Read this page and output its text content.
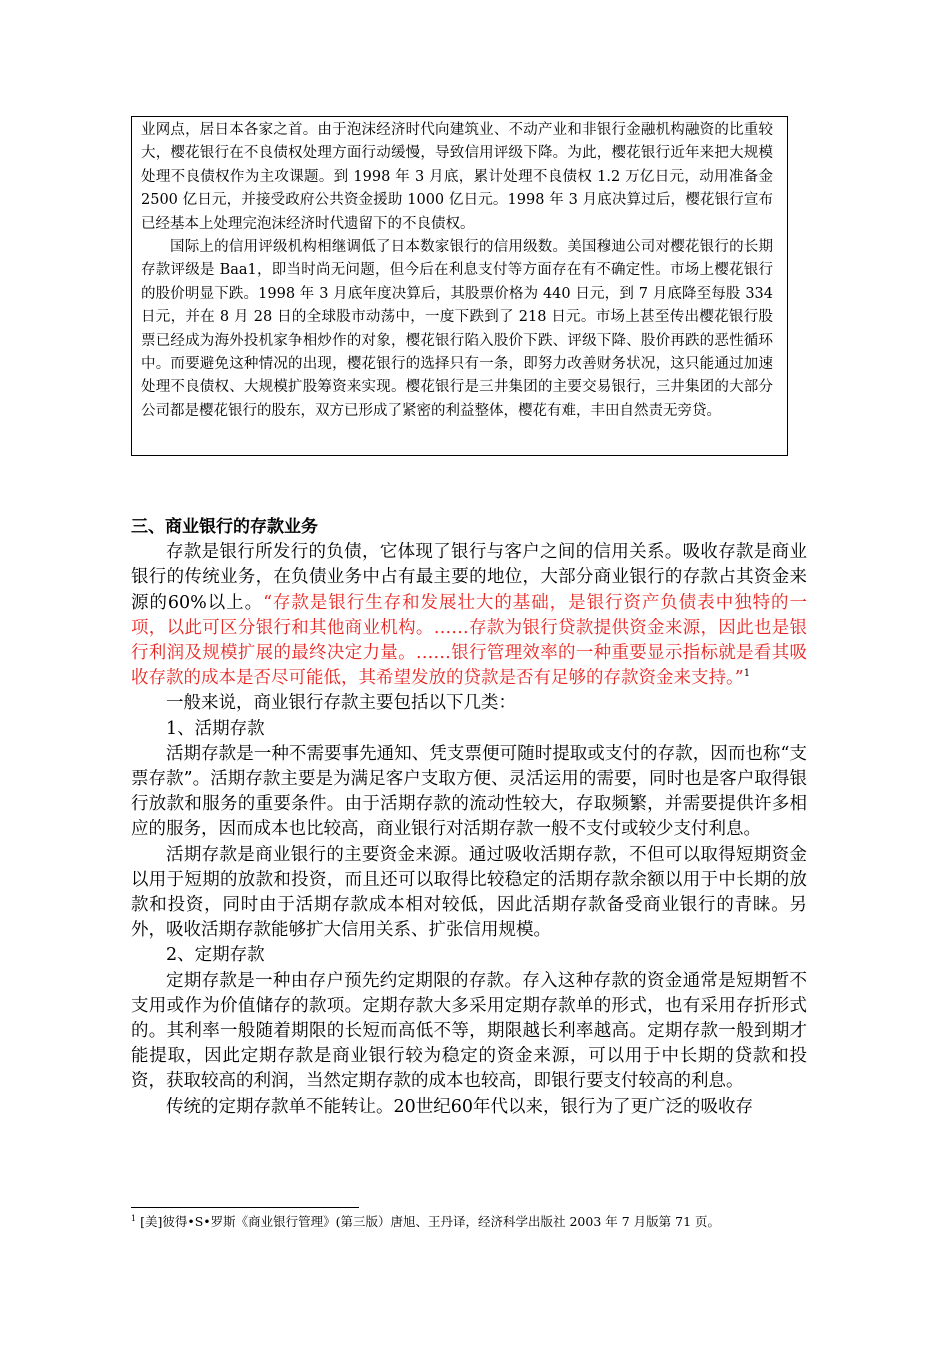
业网点，居日本各家之首。由于泡沫经济时代向建筑业、不动产业和非银行金融机构融资的比重较大，樱花银行在不良债权处理方面行动缓慢，导致信用评级下降。为此，樱花银行近年来把大规模处理不良债权作为主攻课题。到 1998 年 3 月底，累计处理不良债权 1.2 万亿日元，动用准备金 2500 亿日元，并接受政府公共资金援助 1000 亿日元。1998 年 3 月底决算过后，樱花银行宣布已经基本上处理完泡沫经济时代遗留下的不良债权。

国际上的信用评级机构相继调低了日本数家银行的信用级数。美国穆迪公司对樱花银行的长期存款评级是 Baa1，即当时尚无问题，但今后在利息支付等方面存在有不确定性。市场上樱花银行的股价明显下跌。1998 年 3 月底年度决算后，其股票价格为 440 日元，到 7 月底降至每股 334 日元，并在 8 月 28 日的全球股市动荡中，一度下跌到了 218 日元。市场上甚至传出樱花银行股票已经成为海外投机家争相炒作的对象，樱花银行陷入股价下跌、评级下降、股价再跌的恶性循环中。而要避免这种情况的出现，樱花银行的选择只有一条，即努力改善财务状况，这只能通过加速处理不良债权、大规模扩股筹资来实现。樱花银行是三井集团的主要交易银行，三井集团的大部分公司都是樱花银行的股东，双方已形成了紧密的利益整体，樱花有难，丰田自然责无旁贷。

三、商业银行的存款业务

存款是银行所发行的负债，它体现了银行与客户之间的信用关系。吸收存款是商业银行的传统业务，在负债业务中占有最主要的地位，大部分商业银行的存款占其资金来源的60%以上。“存款是银行生存和发展壮大的基础，是银行资产负债表中独特的一项，以此可区分银行和其他商业机构。……存款为银行贷款提供资金来源，因此也是银行利润及规模扩展的最终决定力量。……银行管理效率的一种重要显示指标就是看其吸收存款的成本是否尽可能低，其希望发放的贷款是否有足够的存款资金来支持。”$^1$

一般来说，商业银行存款主要包括以下几类：

1、活期存款

活期存款是一种不需要事先通知、凭支票便可随时提取或支付的存款，因而也称“支票存款”。活期存款主要是为满足客户支取方便、灵活运用的需要，同时也是客户取得银行放款和服务的重要条件。由于活期存款的流动性较大，存取频繁，并需要提供许多相应的服务，因而成本也比较高，商业银行对活期存款一般不支付或较少支付利息。

活期存款是商业银行的主要资金来源。通过吸收活期存款，不但可以取得短期资金以用于短期的放款和投资，而且还可以取得比较稳定的活期存款余额以用于中长期的放款和投资，同时由于活期存款成本相对较低，因此活期存款备受商业银行的青睐。另外，吸收活期存款能够扩大信用关系、扩张信用规模。

2、定期存款

定期存款是一种由存户预先约定期限的存款。存入这种存款的资金通常是短期暂不支用或作为价值储存的款项。定期存款大多采用定期存款单的形式，也有采用存折形式的。其利率一般随着期限的长短而高低不等，期限越长利率越高。定期存款一般到期才能提取，因此定期存款是商业银行较为稳定的资金来源，可以用于中长期的贷款和投资，获取较高的利润，当然定期存款的成本也较高，即银行要支付较高的利息。

传统的定期存款单不能转让。20世纪60年代以来，银行为了更广泛的吸收存

$^1$ [美]彼得•S•罗斯《商业银行管理》(第三版）唐旭、王丹译，经济科学出版社 2003 年 7 月版第 71 页。
